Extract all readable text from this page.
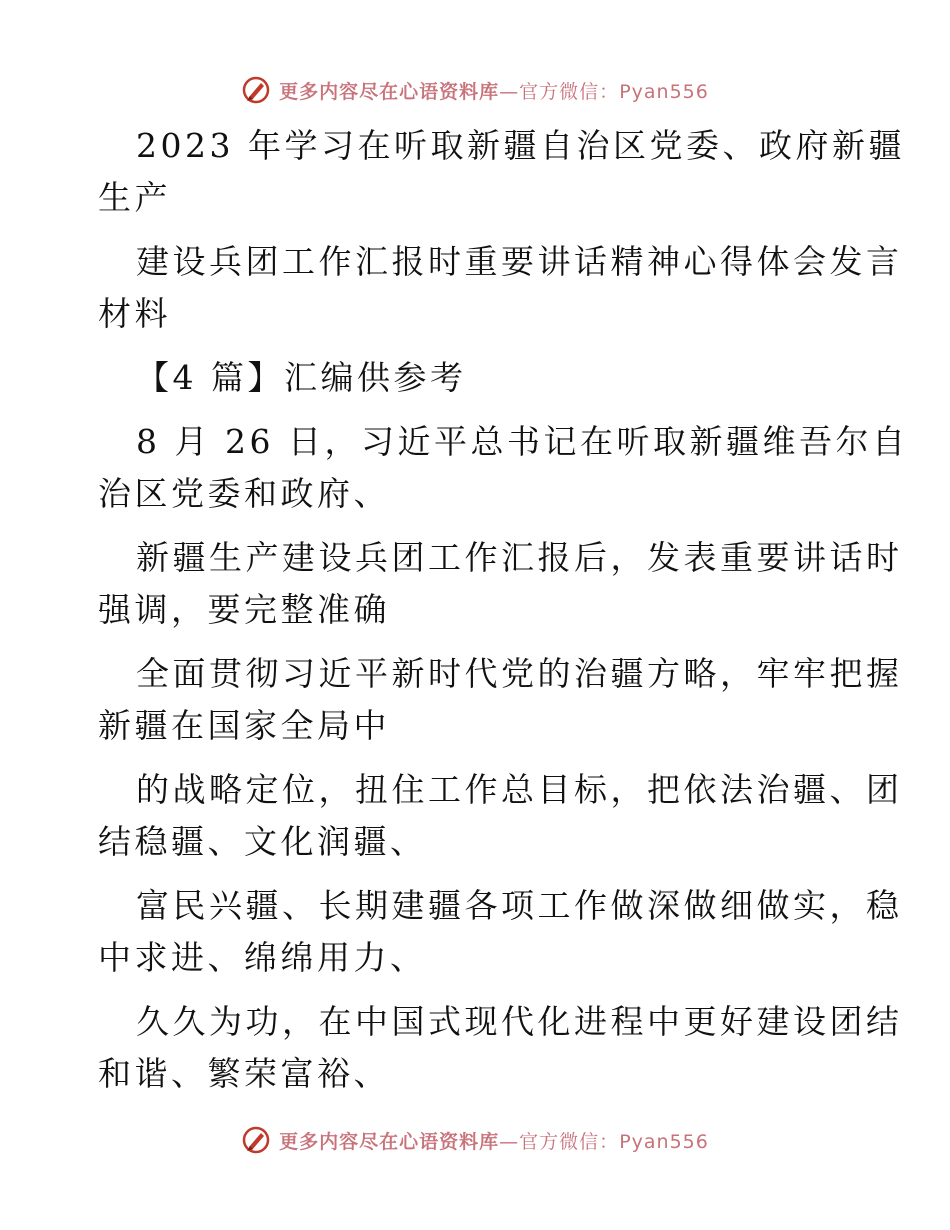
更多内容尽在心语资料库—官方微信：Pyan556
2023 年学习在听取新疆自治区党委、政府新疆
生产
建设兵团工作汇报时重要讲话精神心得体会发言
材料
【4 篇】汇编供参考
8 月 26 日，习近平总书记在听取新疆维吾尔自
治区党委和政府、
新疆生产建设兵团工作汇报后，发表重要讲话时
强调，要完整准确
全面贯彻习近平新时代党的治疆方略，牢牢把握
新疆在国家全局中
的战略定位，扭住工作总目标，把依法治疆、团
结稳疆、文化润疆、
富民兴疆、长期建疆各项工作做深做细做实，稳
中求进、绵绵用力、
久久为功，在中国式现代化进程中更好建设团结
和谐、繁荣富裕、
更多内容尽在心语资料库—官方微信：Pyan556
